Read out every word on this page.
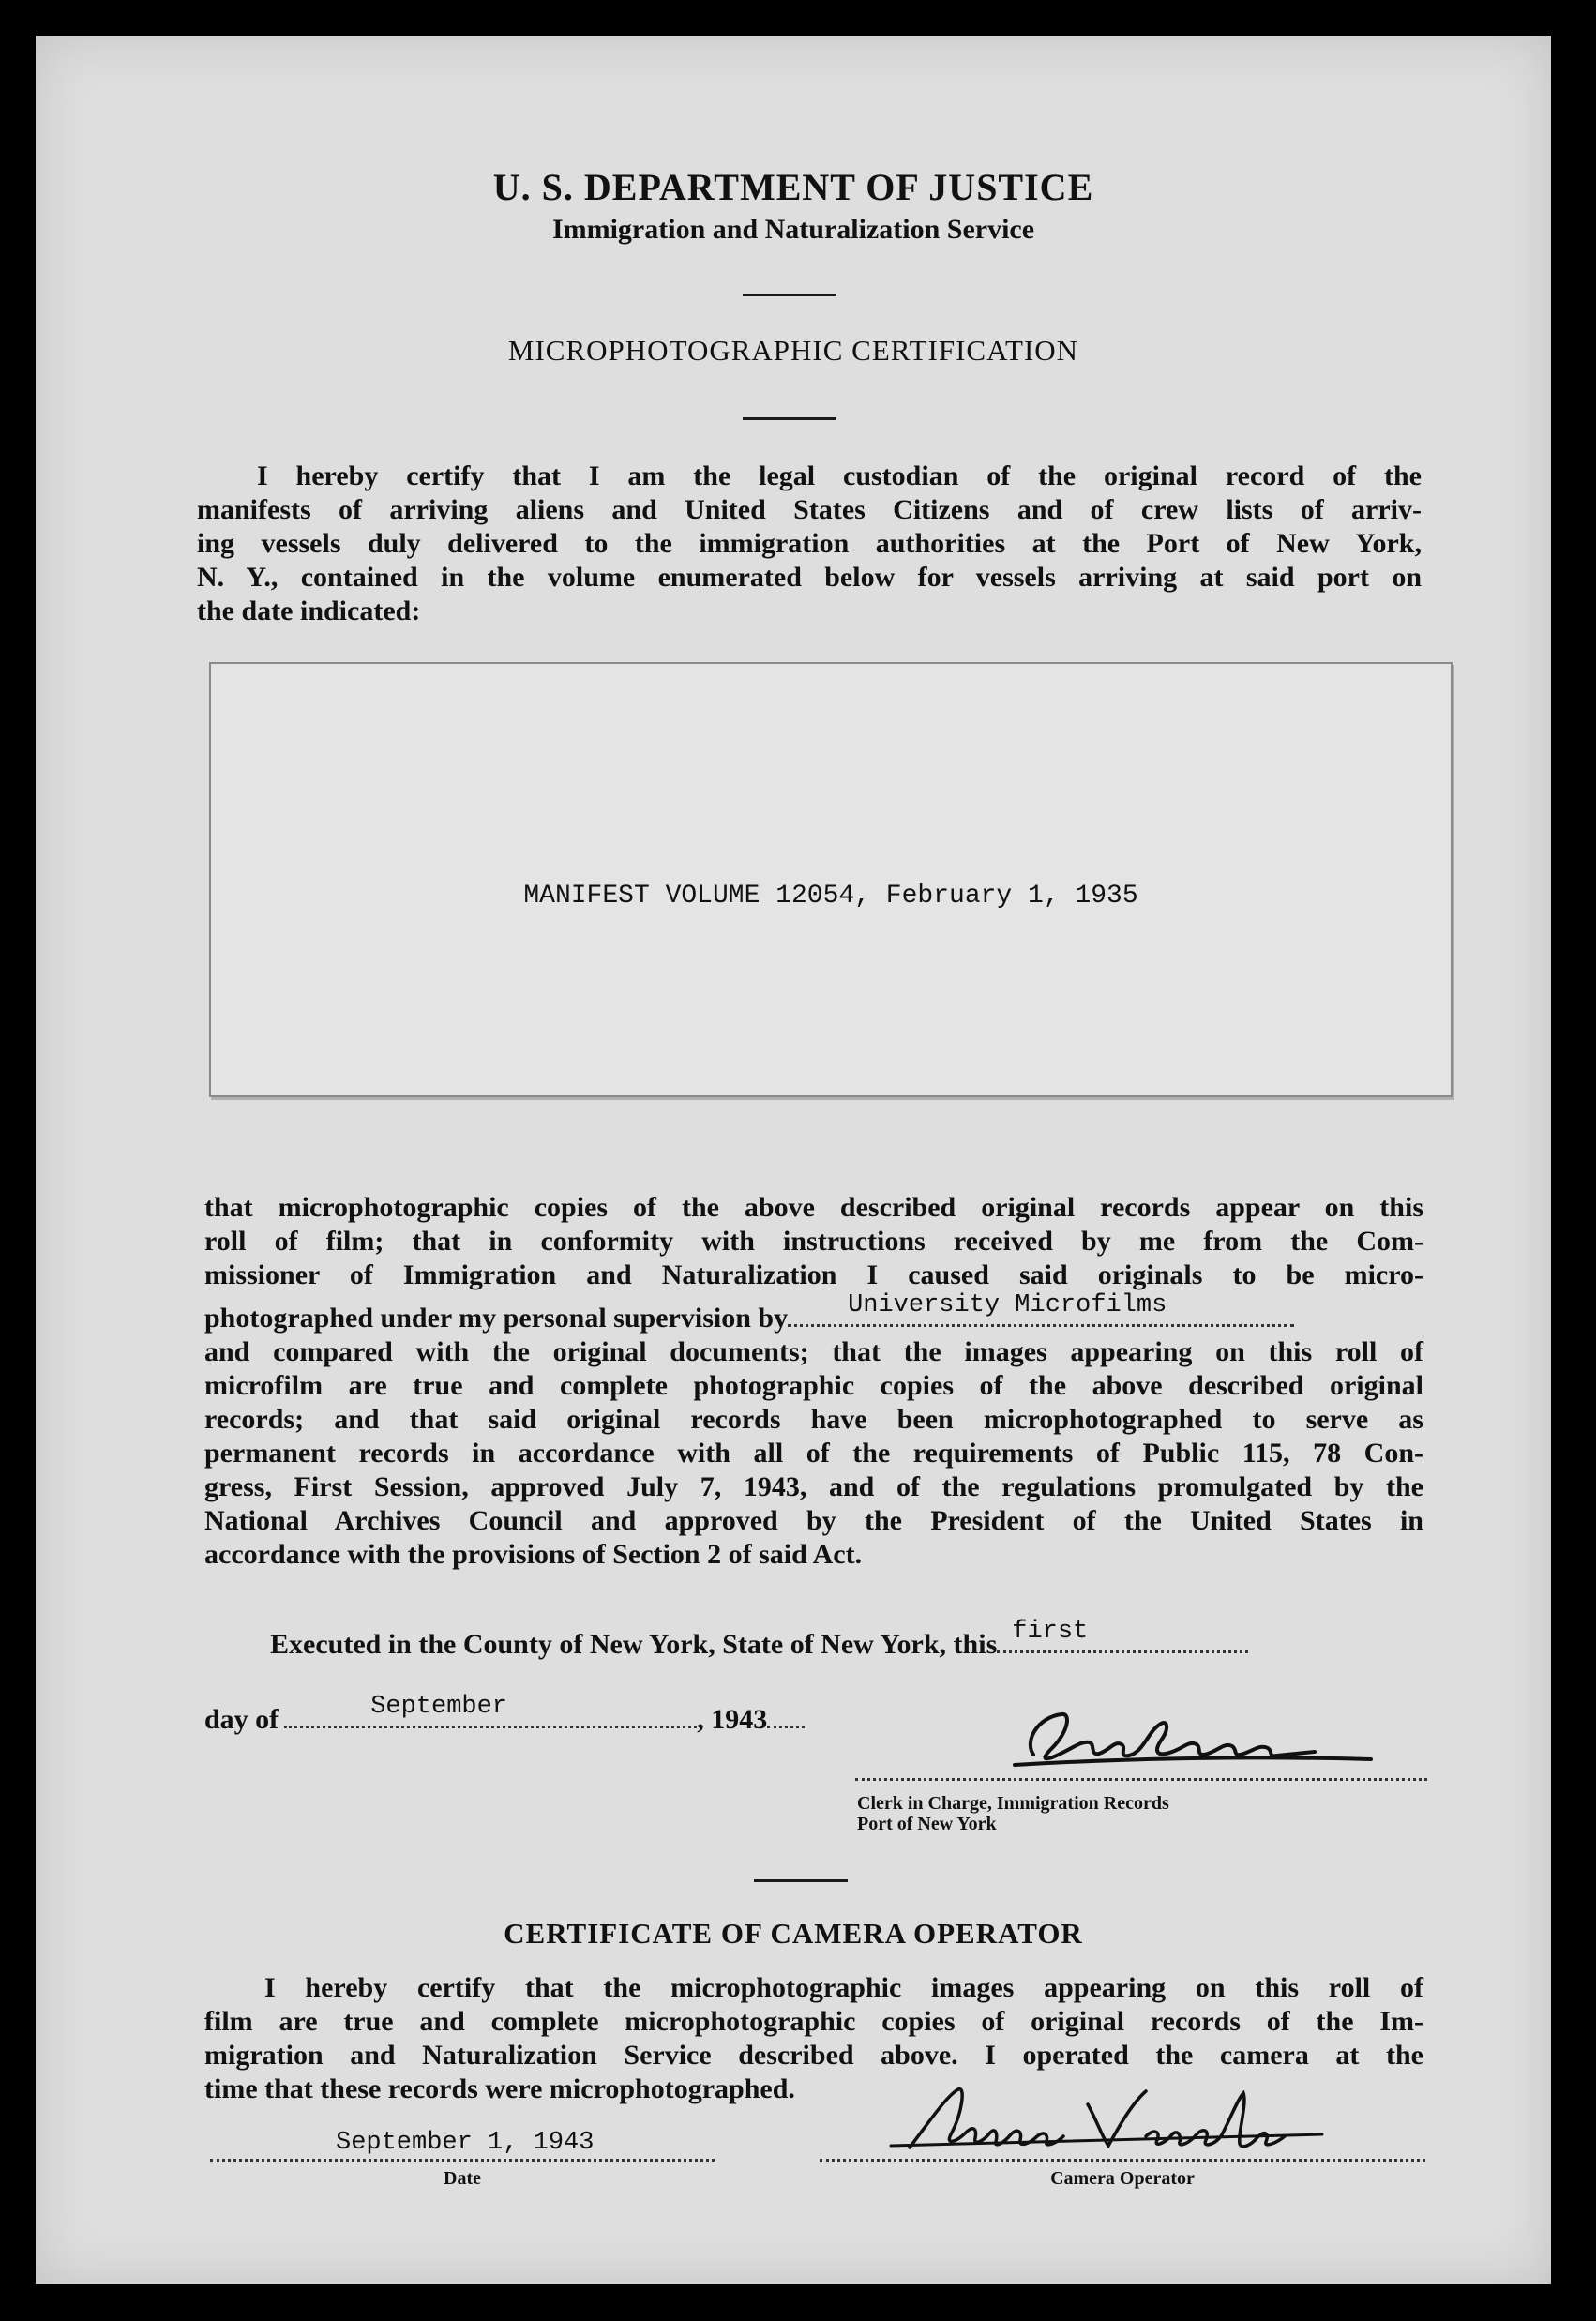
U. S. DEPARTMENT OF JUSTICE
Immigration and Naturalization Service
MICROPHOTOGRAPHIC CERTIFICATION
I hereby certify that I am the legal custodian of the original record of the
manifests of arriving aliens and United States Citizens and of crew lists of arriv-
ing vessels duly delivered to the immigration authorities at the Port of New York,
N. Y., contained in the volume enumerated below for vessels arriving at said port on
the date indicated:
MANIFEST VOLUME 12054, February 1, 1935
that microphotographic copies of the above described original records appear on this
roll of film; that in conformity with instructions received by me from the Com-
missioner of Immigration and Naturalization I caused said originals to be micro-
photographed under my personal supervision by University Microfilms
and compared with the original documents; that the images appearing on this roll of
microfilm are true and complete photographic copies of the above described original
records; and that said original records have been microphotographed to serve as
permanent records in accordance with all of the requirements of Public 115, 78 Con-
gress, First Session, approved July 7, 1943, and of the regulations promulgated by the
National Archives Council and approved by the President of the United States in
accordance with the provisions of Section 2 of said Act.
Executed in the County of New York, State of New York, this first
day of	September	, 1943
Clerk in Charge, Immigration Records
Port of New York
CERTIFICATE OF CAMERA OPERATOR
I hereby certify that the microphotographic images appearing on this roll of
film are true and complete microphotographic copies of original records of the Im-
migration and Naturalization Service described above. I operated the camera at the
time that these records were microphotographed.
September 1, 1943
Date	Camera Operator
